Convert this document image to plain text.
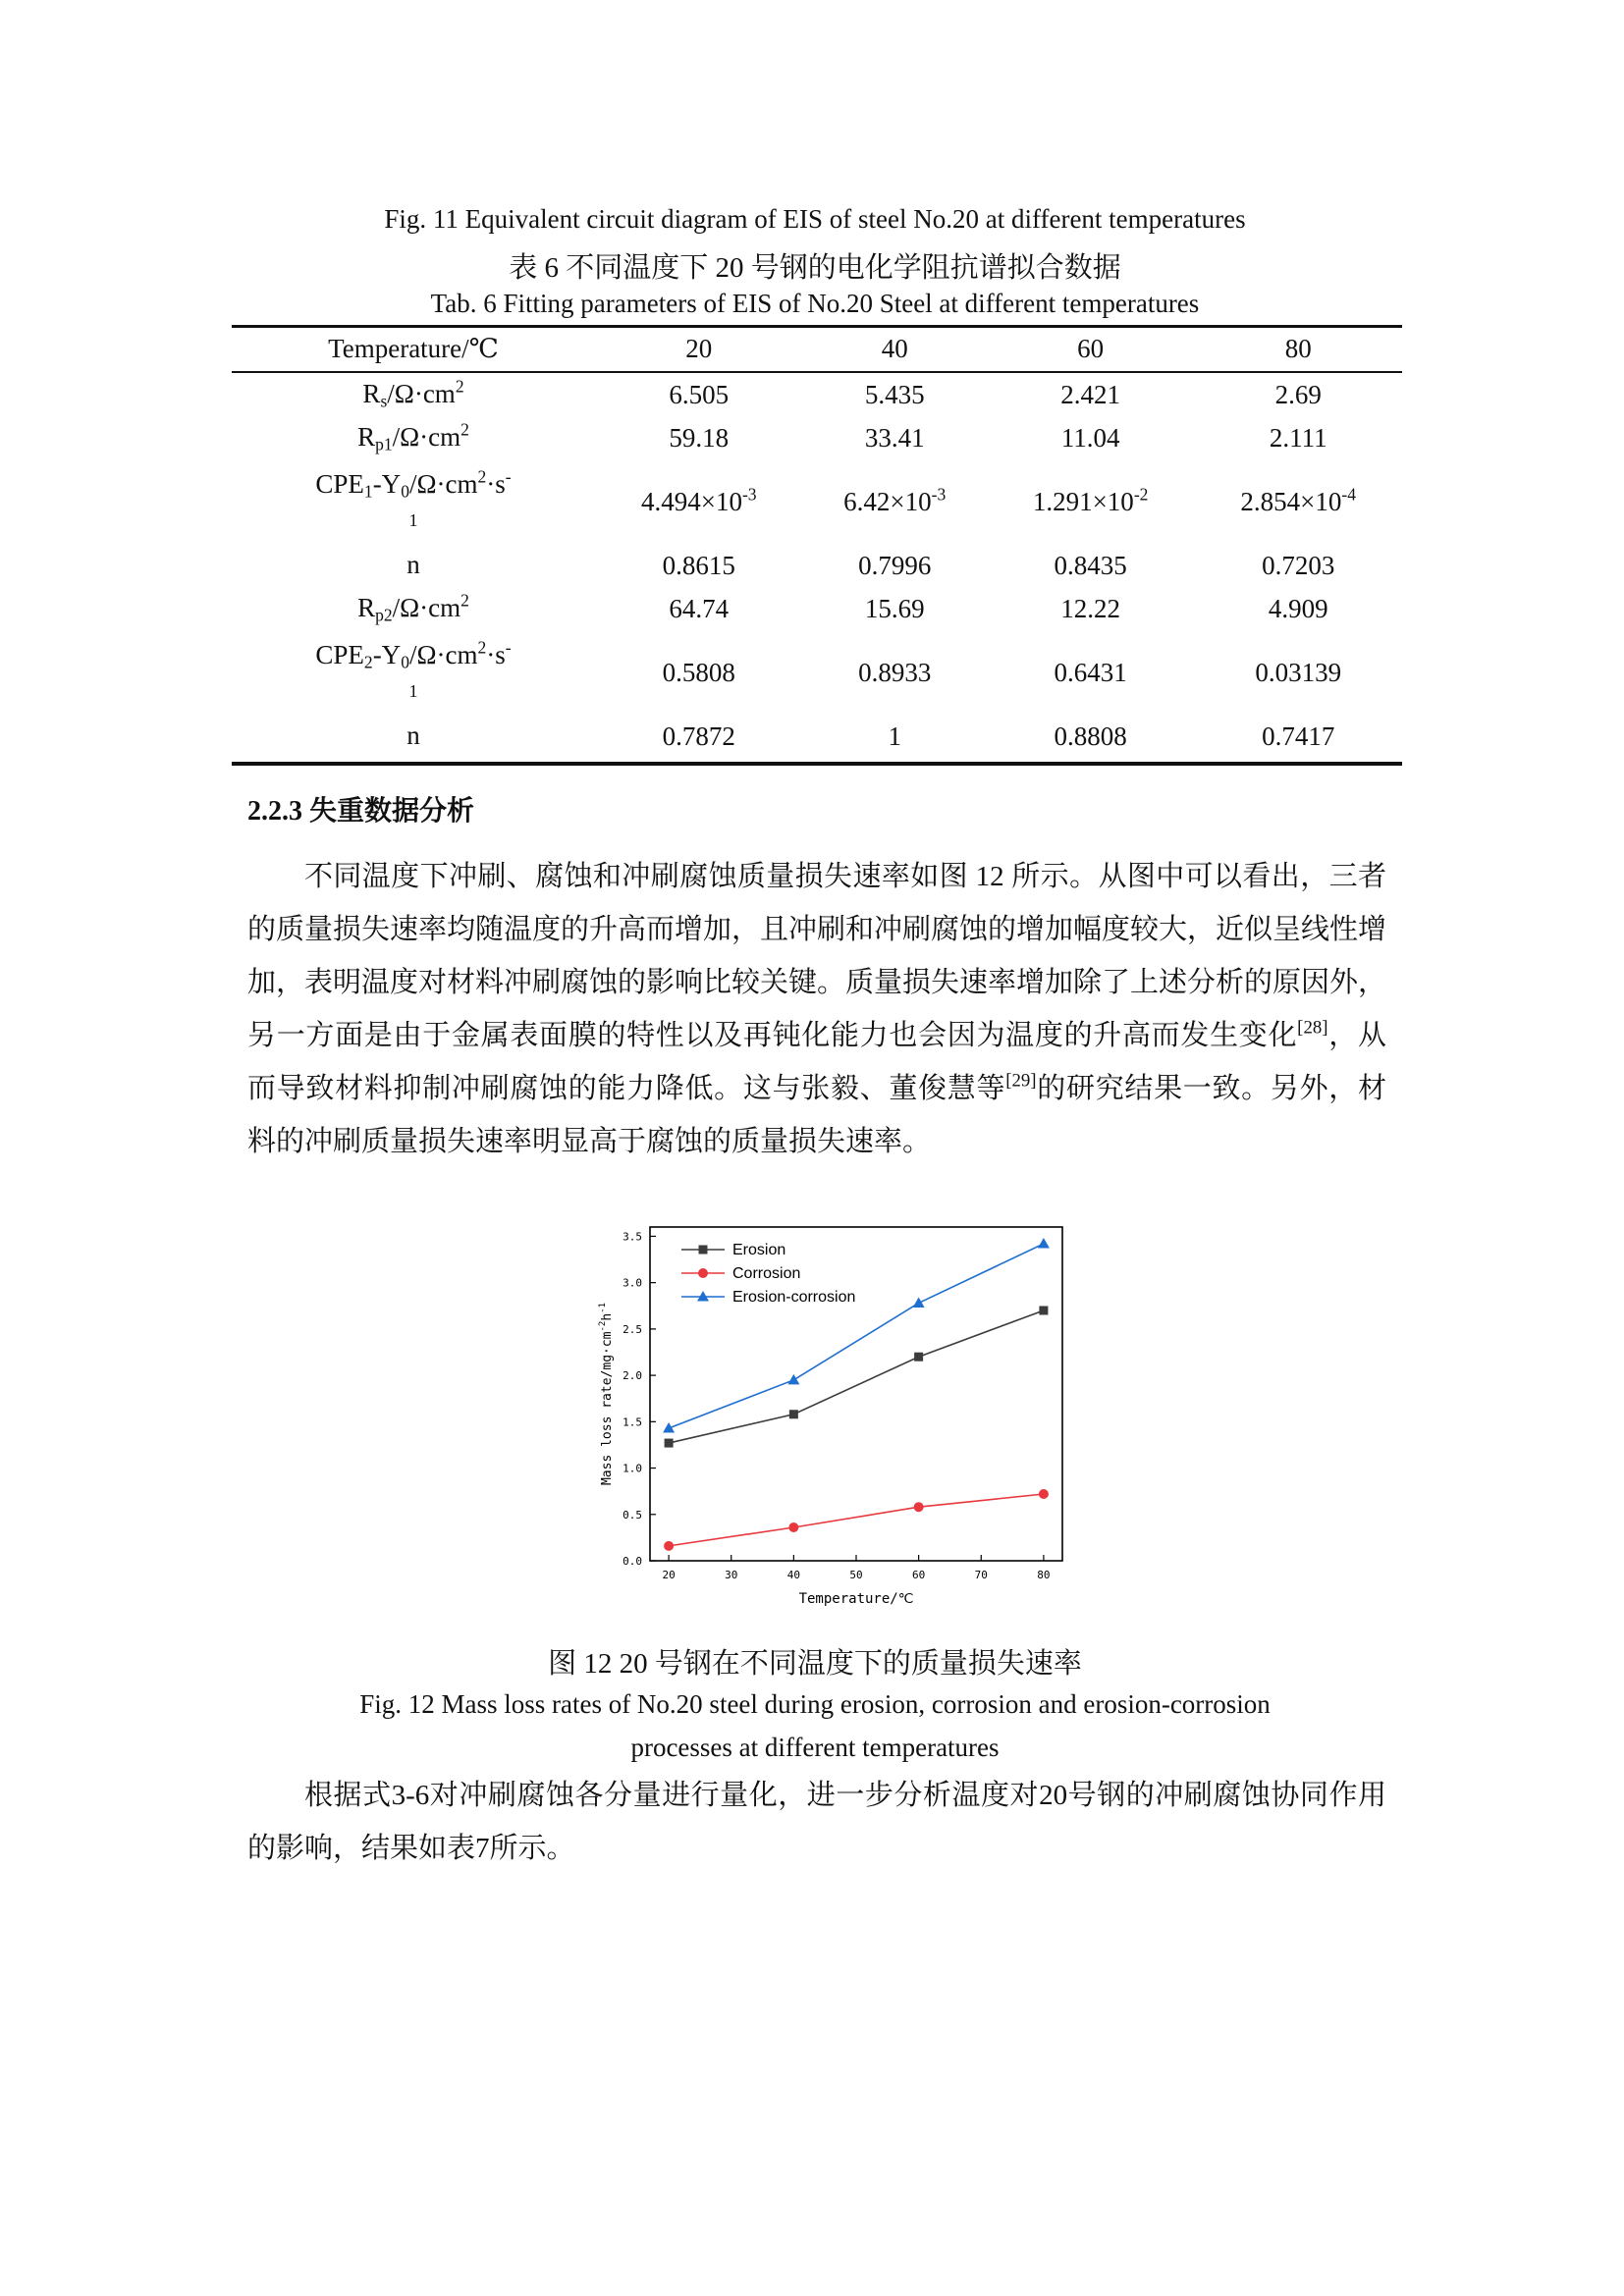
Fig. 11 Equivalent circuit diagram of EIS of steel No.20 at different temperatures
表 6 不同温度下 20 号钢的电化学阻抗谱拟合数据
Tab. 6 Fitting parameters of EIS of No.20 Steel at different temperatures
Temperature/℃	20	40	60	80
$R_s/\Omega\cdot cm^2$	6.505	5.435	2.421	2.69
$R_{p1}/\Omega\cdot cm^2$	59.18	33.41	11.04	2.111
$CPE_1-Y_0/\Omega\cdot cm^2\cdot s^-$
1	$4.494\times 10^{-3}$	$6.42\times 10^{-3}$	$1.291\times 10^{-2}$	$2.854\times 10^{-4}$
n	0.8615	0.7996	0.8435	0.7203
$R_{p2}/\Omega\cdot cm^2$	64.74	15.69	12.22	4.909
$CPE_2-Y_0/\Omega\cdot cm^2\cdot s^-$
1	0.5808	0.8933	0.6431	0.03139
n	0.7872	1	0.8808	0.7417
2.2.3 失重数据分析

不同温度下冲刷、腐蚀和冲刷腐蚀质量损失速率如图 12 所示。从图中可以看出，三者的质量损失速率均随温度的升高而增加，且冲刷和冲刷腐蚀的增加幅度较大，近似呈线性增加，表明温度对材料冲刷腐蚀的影响比较关键。质量损失速率增加除了上述分析的原因外，另一方面是由于金属表面膜的特性以及再钝化能力也会因为温度的升高而发生变化[28]，从而导致材料抑制冲刷腐蚀的能力降低。这与张毅、董俊慧等[29]的研究结果一致。另外，材料的冲刷质量损失速率明显高于腐蚀的质量损失速率。

0.0
0.5
1.0
1.5
2.0
2.5
3.0
3.5
20	30	40	50	60	70	80
Erosion
Corrosion
Erosion-corrosion
Temperature/℃
Mass loss rate/$mg\cdot cm^{-2}h^{-1}$
图 12 20 号钢在不同温度下的质量损失速率
Fig. 12 Mass loss rates of No.20 steel during erosion, corrosion and erosion-corrosion
processes at different temperatures

根据式3-6对冲刷腐蚀各分量进行量化，进一步分析温度对20号钢的冲刷腐蚀协同作用的影响，结果如表7所示。
